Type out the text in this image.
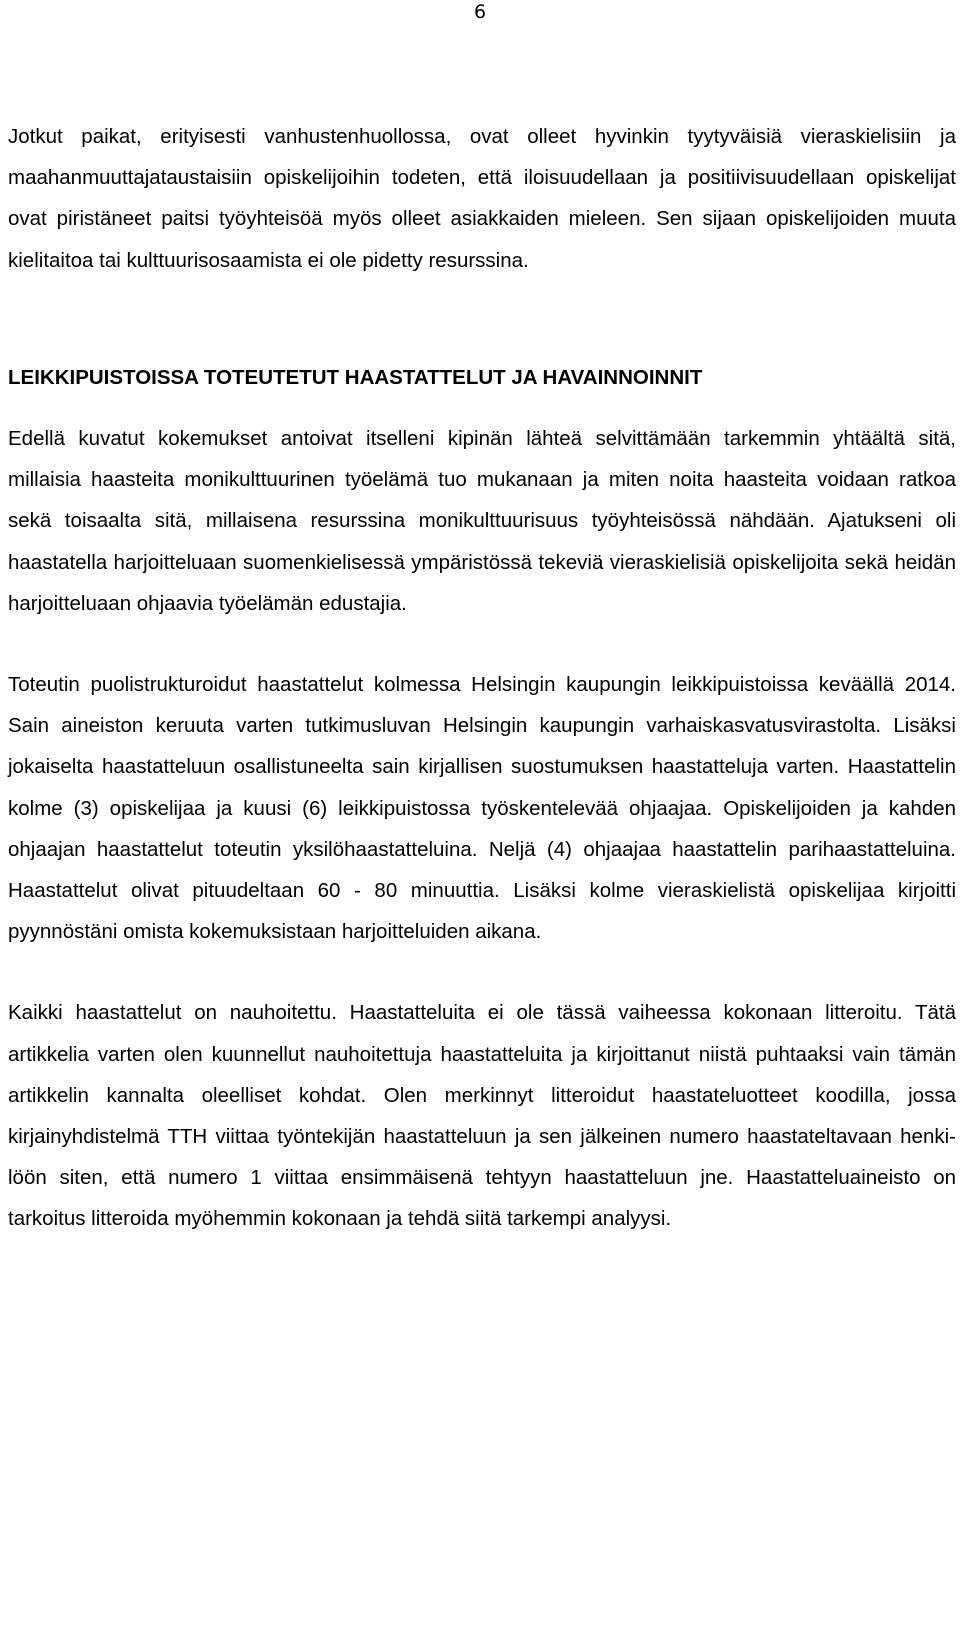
6

Jotkut paikat, erityisesti vanhustenhuollossa, ovat olleet hyvinkin tyytyväisiä vieraskielisiin ja maahanmuuttajataustaisiin opiskelijoihin todeten, että iloisuudellaan ja positiivisuudellaan opiskelijat ovat piristäneet paitsi työyhteisöä myös olleet asiakkaiden mieleen. Sen sijaan opiskelijoiden muuta kielitaitoa tai kulttuurisosaamista ei ole pidetty resurssina.

LEIKKIPUISTOISSA TOTEUTETUT HAASTATTELUT JA HAVAINNOINNIT

Edellä kuvatut kokemukset antoivat itselleni kipinän lähteä selvittämään tarkemmin yhtäältä sitä, millaisia haasteita monikulttuurinen työelämä tuo mukanaan ja miten noita haasteita voidaan ratkoa sekä toisaalta sitä, millaisena resurssina monikulttuurisuus työyhteisössä nähdään. Ajatukseni oli haastatella harjoitteluaan suomenkielisessä ympäristössä tekeviä vieraskielisiä opiskelijoita sekä heidän harjoitteluaan ohjaavia työelämän edustajia.

Toteutin puolistrukturoidut haastattelut kolmessa Helsingin kaupungin leikkipuistoissa keväällä 2014. Sain aineiston keruuta varten tutkimusluvan Helsingin kaupungin varhaiskasvatusvirastolta. Lisäksi jokaiselta haastatteluun osallistuneelta sain kirjallisen suostumuksen haastatteluja varten. Haastattelin kolme (3) opiskelijaa ja kuusi (6) leikkipuistossa työskentelevää ohjaajaa. Opiskelijoiden ja kahden ohjaajan haastattelut toteutin yksilöhaastatteluina. Neljä (4) ohjaajaa haastattelin parihaastatteluina. Haastattelut olivat pituudeltaan 60 - 80 minuuttia. Lisäksi kolme vieraskielistä opiskelijaa kirjoitti pyynnöstäni omista kokemuksistaan harjoitteluiden aikana.

Kaikki haastattelut on nauhoitettu. Haastatteluita ei ole tässä vaiheessa kokonaan litteroitu. Tätä artikkelia varten olen kuunnellut nauhoitettuja haastatteluita ja kirjoittanut niistä puhtaaksi vain tämän artikkelin kannalta oleelliset kohdat. Olen merkinnyt litteroidut haastateluotteet koodilla, jossa kirjainyhdistelmä TTH viittaa työntekijän haastatteluun ja sen jälkeinen numero haastateltavaan henkilöön siten, että numero 1 viittaa ensimmäisenä tehtyyn haastatteluun jne. Haastatteluaineisto on tarkoitus litteroida myöhemmin kokonaan ja tehdä siitä tarkempi analyysi.
